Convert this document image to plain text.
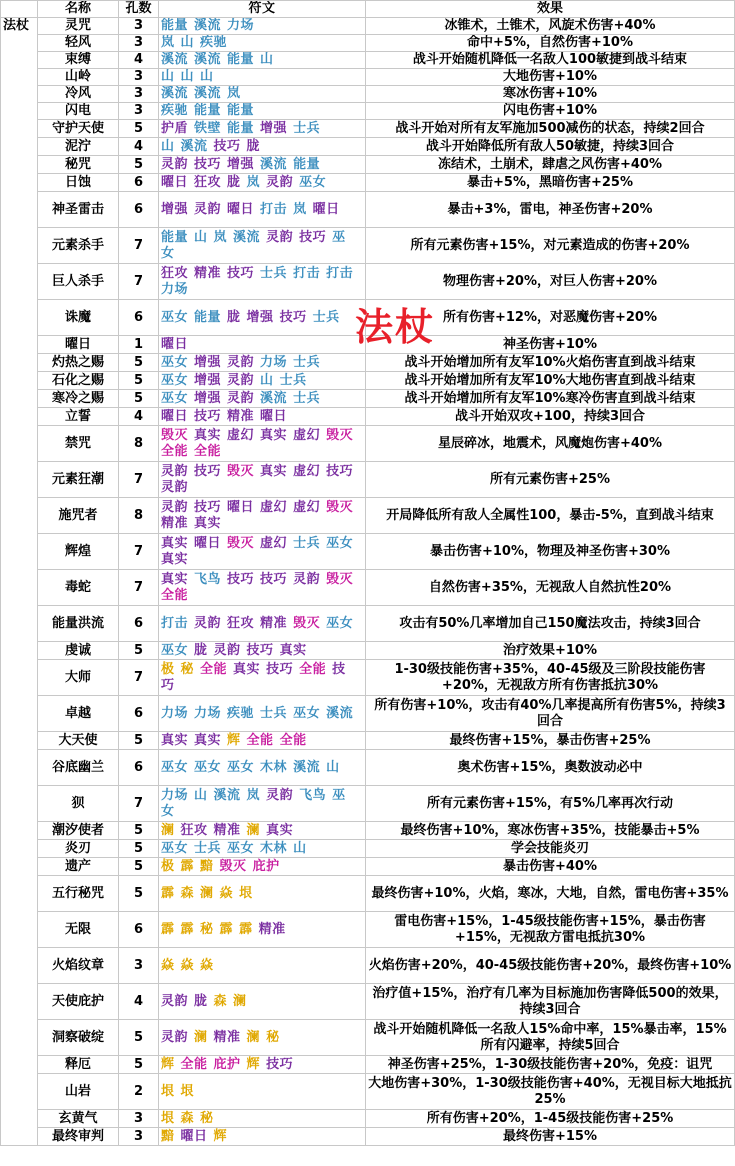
	名称	孔数	符文	效果
法杖	灵咒	3	能量 溪流 力场	冰锥术，土锥术，风旋术伤害+40%
	轻风	3	岚 山 疾驰	命中+5%，自然伤害+10%
	束缚	4	溪流 溪流 能量 山	战斗开始随机降低一名敌人100敏捷到战斗结束
	山岭	3	山 山 山	大地伤害+10%
	冷风	3	溪流 溪流 岚	寒冰伤害+10%
	闪电	3	疾驰 能量 能量	闪电伤害+10%
	守护天使	5	护盾 铁壁 能量 增强 士兵	战斗开始对所有友军施加500减伤的状态，持续2回合
	泥泞	4	山 溪流 技巧 胧	战斗开始降低所有敌人50敏捷，持续3回合
	秘咒	5	灵韵 技巧 增强 溪流 能量	冻结术，土崩术，肆虐之风伤害+40%
	日蚀	6	曜日 狂攻 胧 岚 灵韵 巫女	暴击+5%，黑暗伤害+25%
	神圣雷击	6	增强 灵韵 曜日 打击 岚 曜日	暴击+3%，雷电，神圣伤害+20%
	元素杀手	7	能量 山 岚 溪流 灵韵 技巧 巫女	所有元素伤害+15%，对元素造成的伤害+20%
	巨人杀手	7	狂攻 精准 技巧 士兵 打击 打击力场	物理伤害+20%，对巨人伤害+20%
	诛魔	6	巫女 能量 胧 增强 技巧 士兵	所有伤害+12%，对恶魔伤害+20%
	曜日	1	曜日	神圣伤害+10%
	灼热之赐	5	巫女 增强 灵韵 力场 士兵	战斗开始增加所有友军10%火焰伤害直到战斗结束
	石化之赐	5	巫女 增强 灵韵 山 士兵	战斗开始增加所有友军10%大地伤害直到战斗结束
	寒冷之赐	5	巫女 增强 灵韵 溪流 士兵	战斗开始增加所有友军10%寒冷伤害直到战斗结束
	立誓	4	曜日 技巧 精准 曜日	战斗开始双攻+100，持续3回合
	禁咒	8	毁灭 真实 虚幻 真实 虚幻 毁灭全能 全能	星辰碎冰，地震术，风魔炮伤害+40%
	元素狂潮	7	灵韵 技巧 毁灭 真实 虚幻 技巧灵韵	所有元素伤害+25%
	施咒者	8	灵韵 技巧 曜日 虚幻 虚幻 毁灭精准 真实	开局降低所有敌人全属性100，暴击-5%，直到战斗结束
	辉煌	7	真实 曜日 毁灭 虚幻 士兵 巫女真实	暴击伤害+10%，物理及神圣伤害+30%
	毒蛇	7	真实 飞鸟 技巧 技巧 灵韵 毁灭全能	自然伤害+35%，无视敌人自然抗性20%
	能量洪流	6	打击 灵韵 狂攻 精准 毁灭 巫女	攻击有50%几率增加自己150魔法攻击，持续3回合
	虔诚	5	巫女 胧 灵韵 技巧 真实	治疗效果+10%
	大师	7	极 秘 全能 真实 技巧 全能 技巧	1-30级技能伤害+35%，40-45级及三阶段技能伤害+20%，无视敌方所有伤害抵抗30%
	卓越	6	力场 力场 疾驰 士兵 巫女 溪流	所有伤害+10%，攻击有40%几率提高所有伤害5%，持续3回合
	大天使	5	真实 真实 辉 全能 全能	最终伤害+15%，暴击伤害+25%
	谷底幽兰	6	巫女 巫女 巫女 木林 溪流 山	奥术伤害+15%，奥数波动必中
	狈	7	力场 山 溪流 岚 灵韵 飞鸟 巫女	所有元素伤害+15%，有5%几率再次行动
	潮汐使者	5	澜 狂攻 精准 澜 真实	最终伤害+10%，寒冰伤害+35%，技能暴击+5%
	炎刃	5	巫女 士兵 巫女 木林 山	学会技能炎刃
	遗产	5	极 霹 黯 毁灭 庇护	暴击伤害+40%
	五行秘咒	5	霹 森 澜 焱 垠	最终伤害+10%，火焰，寒冰，大地，自然，雷电伤害+35%
	无限	6	霹 霹 秘 霹 霹 精准	雷电伤害+15%，1-45级技能伤害+15%，暴击伤害+15%，无视敌方雷电抵抗30%
	火焰纹章	3	焱 焱 焱	火焰伤害+20%，40-45级技能伤害+20%，最终伤害+10%
	天使庇护	4	灵韵 胧 森 澜	治疗值+15%，治疗有几率为目标施加伤害降低500的效果，持续3回合
	洞察破绽	5	灵韵 澜 精准 澜 秘	战斗开始随机降低一名敌人15%命中率，15%暴击率，15%所有闪避率，持续5回合
	释厄	5	辉 全能 庇护 辉 技巧	神圣伤害+25%，1-30级技能伤害+20%，免疫：诅咒
	山岩	2	垠 垠	大地伤害+30%，1-30级技能伤害+40%，无视目标大地抵抗25%
	玄黄气	3	垠 森 秘	所有伤害+20%，1-45级技能伤害+25%
	最终审判	3	黯 曜日 辉	最终伤害+15%
法杖
